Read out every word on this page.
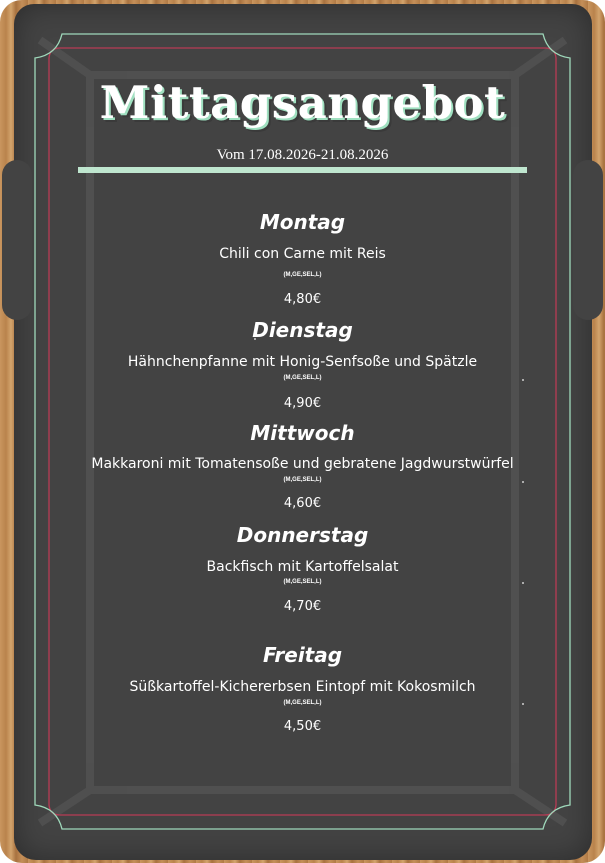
Mittagsangebot
Vom 17.08.2026-21.08.2026
Montag
Chili con Carne mit Reis
(M,GE,SEL,L)
4,80€
Dienstag
Hähnchenpfanne mit Honig-Senfsoße und Spätzle
(M,GE,SEL,L)
4,90€
Mittwoch
Makkaroni mit Tomatensoße und gebratene Jagdwurstwürfel
(M,GE,SEL,L)
4,60€
Donnerstag
Backfisch mit Kartoffelsalat
(M,GE,SEL,L)
4,70€
Freitag
Süßkartoffel-Kichererbsen Eintopf mit Kokosmilch
(M,GE,SEL,L)
4,50€
